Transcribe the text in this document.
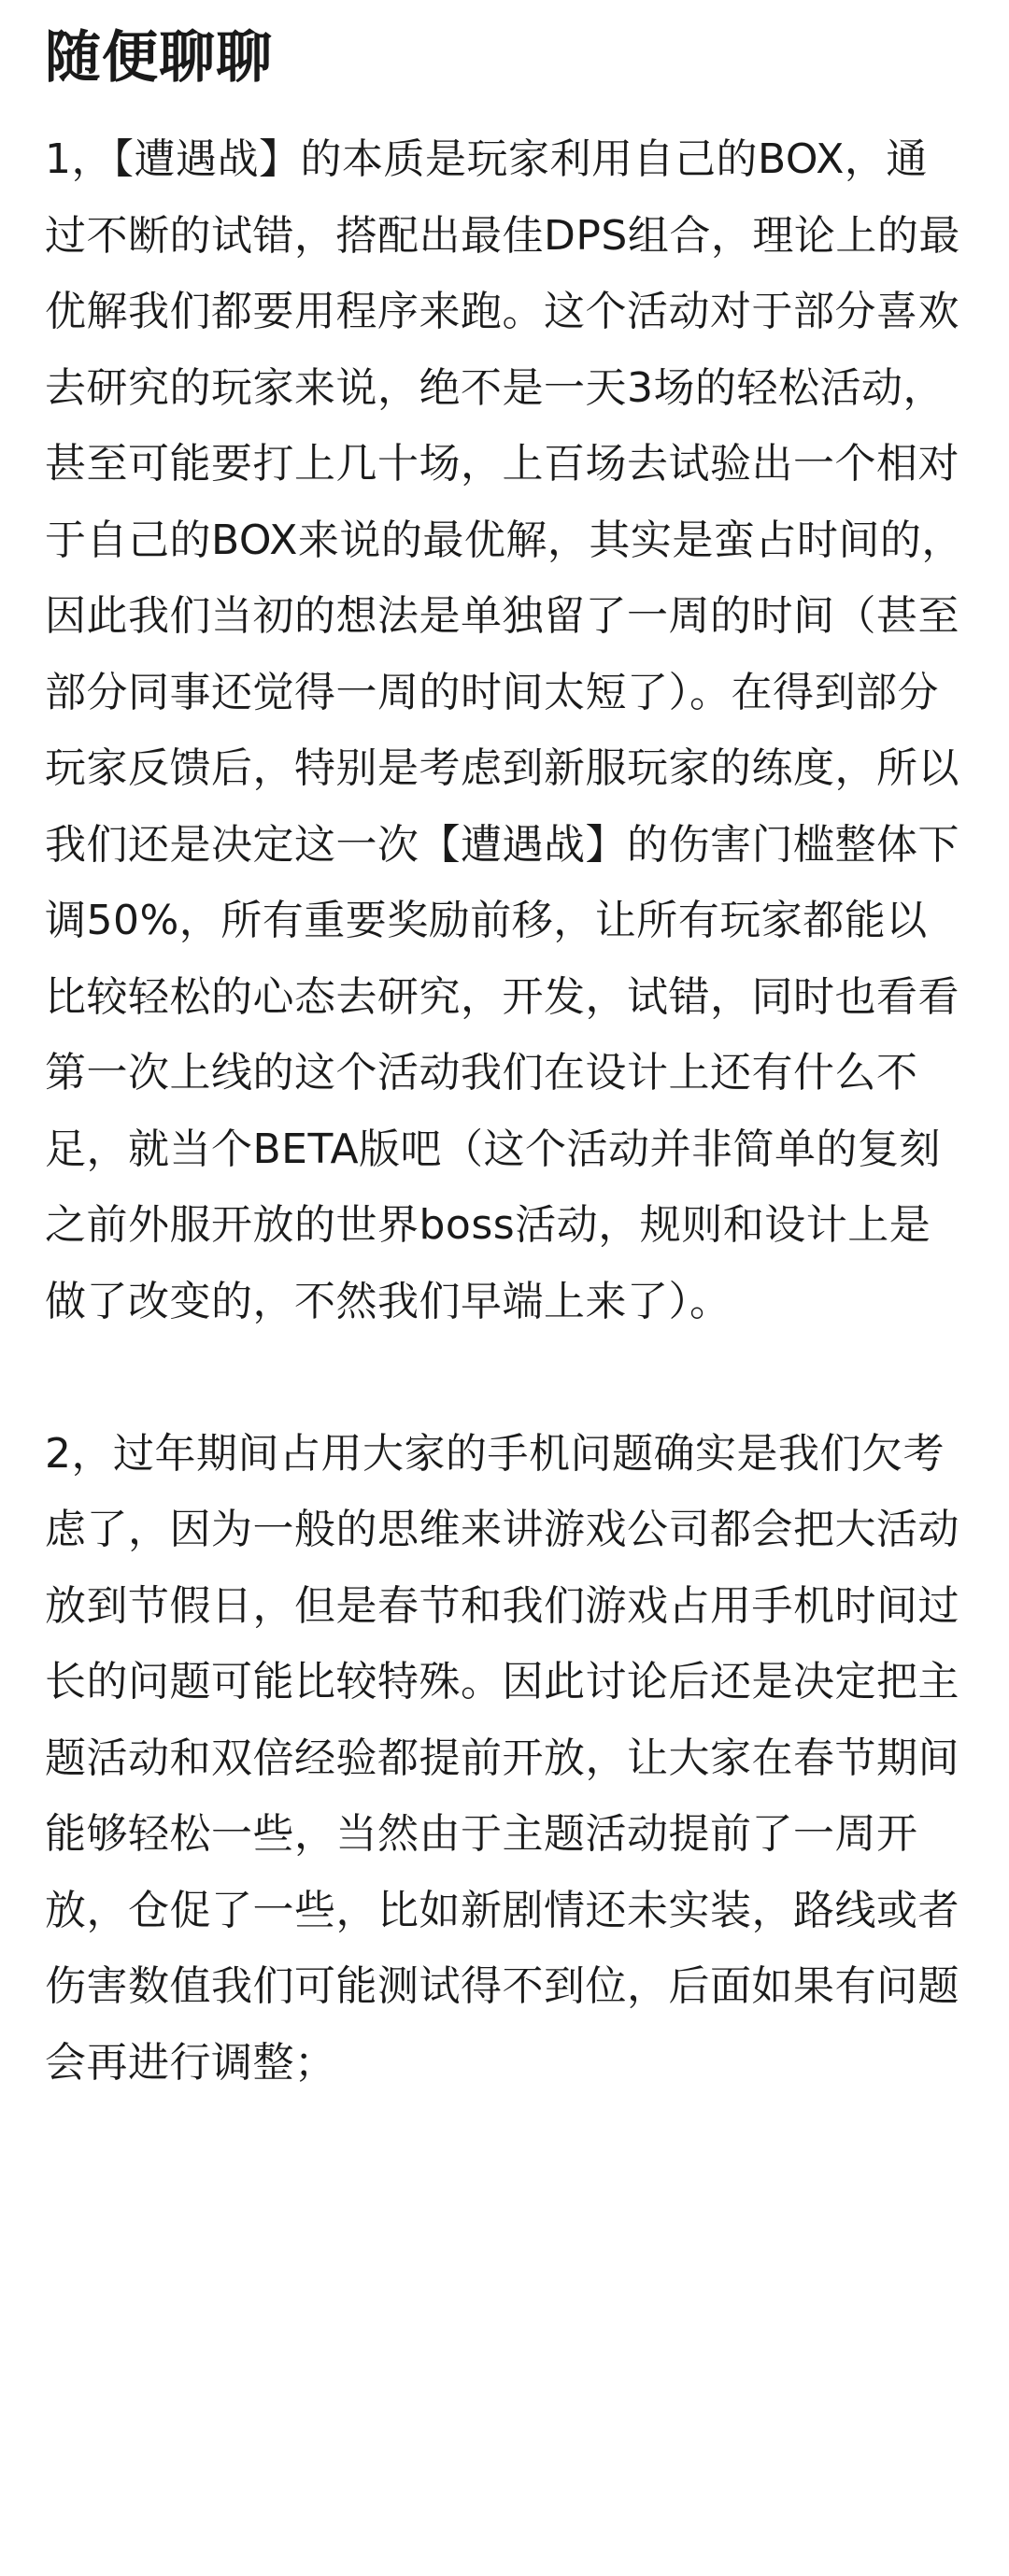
随便聊聊

1，【遭遇战】的本质是玩家利用自己的BOX，通过不断的试错，搭配出最佳DPS组合，理论上的最优解我们都要用程序来跑。这个活动对于部分喜欢去研究的玩家来说，绝不是一天3场的轻松活动，甚至可能要打上几十场，上百场去试验出一个相对于自己的BOX来说的最优解，其实是蛮占时间的，因此我们当初的想法是单独留了一周的时间（甚至部分同事还觉得一周的时间太短了）。在得到部分玩家反馈后，特别是考虑到新服玩家的练度，所以我们还是决定这一次【遭遇战】的伤害门槛整体下调50%，所有重要奖励前移，让所有玩家都能以比较轻松的心态去研究，开发，试错，同时也看看第一次上线的这个活动我们在设计上还有什么不足，就当个BETA版吧（这个活动并非简单的复刻之前外服开放的世界boss活动，规则和设计上是做了改变的，不然我们早端上来了）。

2，过年期间占用大家的手机问题确实是我们欠考虑了，因为一般的思维来讲游戏公司都会把大活动放到节假日，但是春节和我们游戏占用手机时间过长的问题可能比较特殊。因此讨论后还是决定把主题活动和双倍经验都提前开放，让大家在春节期间能够轻松一些，当然由于主题活动提前了一周开放，仓促了一些，比如新剧情还未实装，路线或者伤害数值我们可能测试得不到位，后面如果有问题会再进行调整；
